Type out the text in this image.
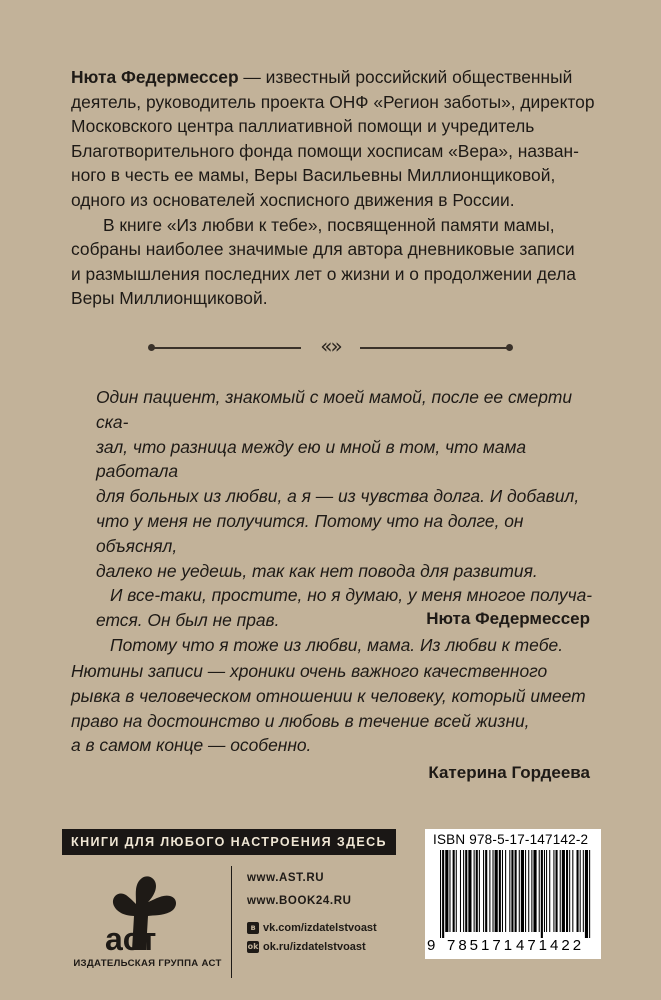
Нюта Федермессер — известный российский общественный
деятель, руководитель проекта ОНФ «Регион заботы», директор
Московского центра паллиативной помощи и учредитель
Благотворительного фонда помощи хосписам «Вера», назван-
ного в честь ее мамы, Веры Васильевны Миллионщиковой,
одного из основателей хосписного движения в России.
В книге «Из любви к тебе», посвященной памяти мамы,
собраны наиболее значимые для автора дневниковые записи
и размышления последних лет о жизни и о продолжении дела
Веры Миллионщиковой.
«»
Один пациент, знакомый с моей мамой, после ее смерти ска-
зал, что разница между ею и мной в том, что мама работала
для больных из любви, а я — из чувства долга. И добавил,
что у меня не получится. Потому что на долге, он объяснял,
далеко не уедешь, так как нет повода для развития.
И все-таки, простите, но я думаю, у меня многое получа-
ется. Он был не прав.
Потому что я тоже из любви, мама. Из любви к тебе.
Нюта Федермессер
Нютины записи — хроники очень важного качественного
рывка в человеческом отношении к человеку, который имеет
право на достоинство и любовь в течение всей жизни,
а в самом конце — особенно.
Катерина Гордеева
КНИГИ ДЛЯ ЛЮБОГО НАСТРОЕНИЯ ЗДЕСЬ
аст
ИЗДАТЕЛЬСКАЯ ГРУППА АСТ
www.AST.RU
www.BOOK24.RU
в vk.com/izdatelstvoast
ok ok.ru/izdatelstvoast
ISBN 978-5-17-147142-2
9 785171 471422
